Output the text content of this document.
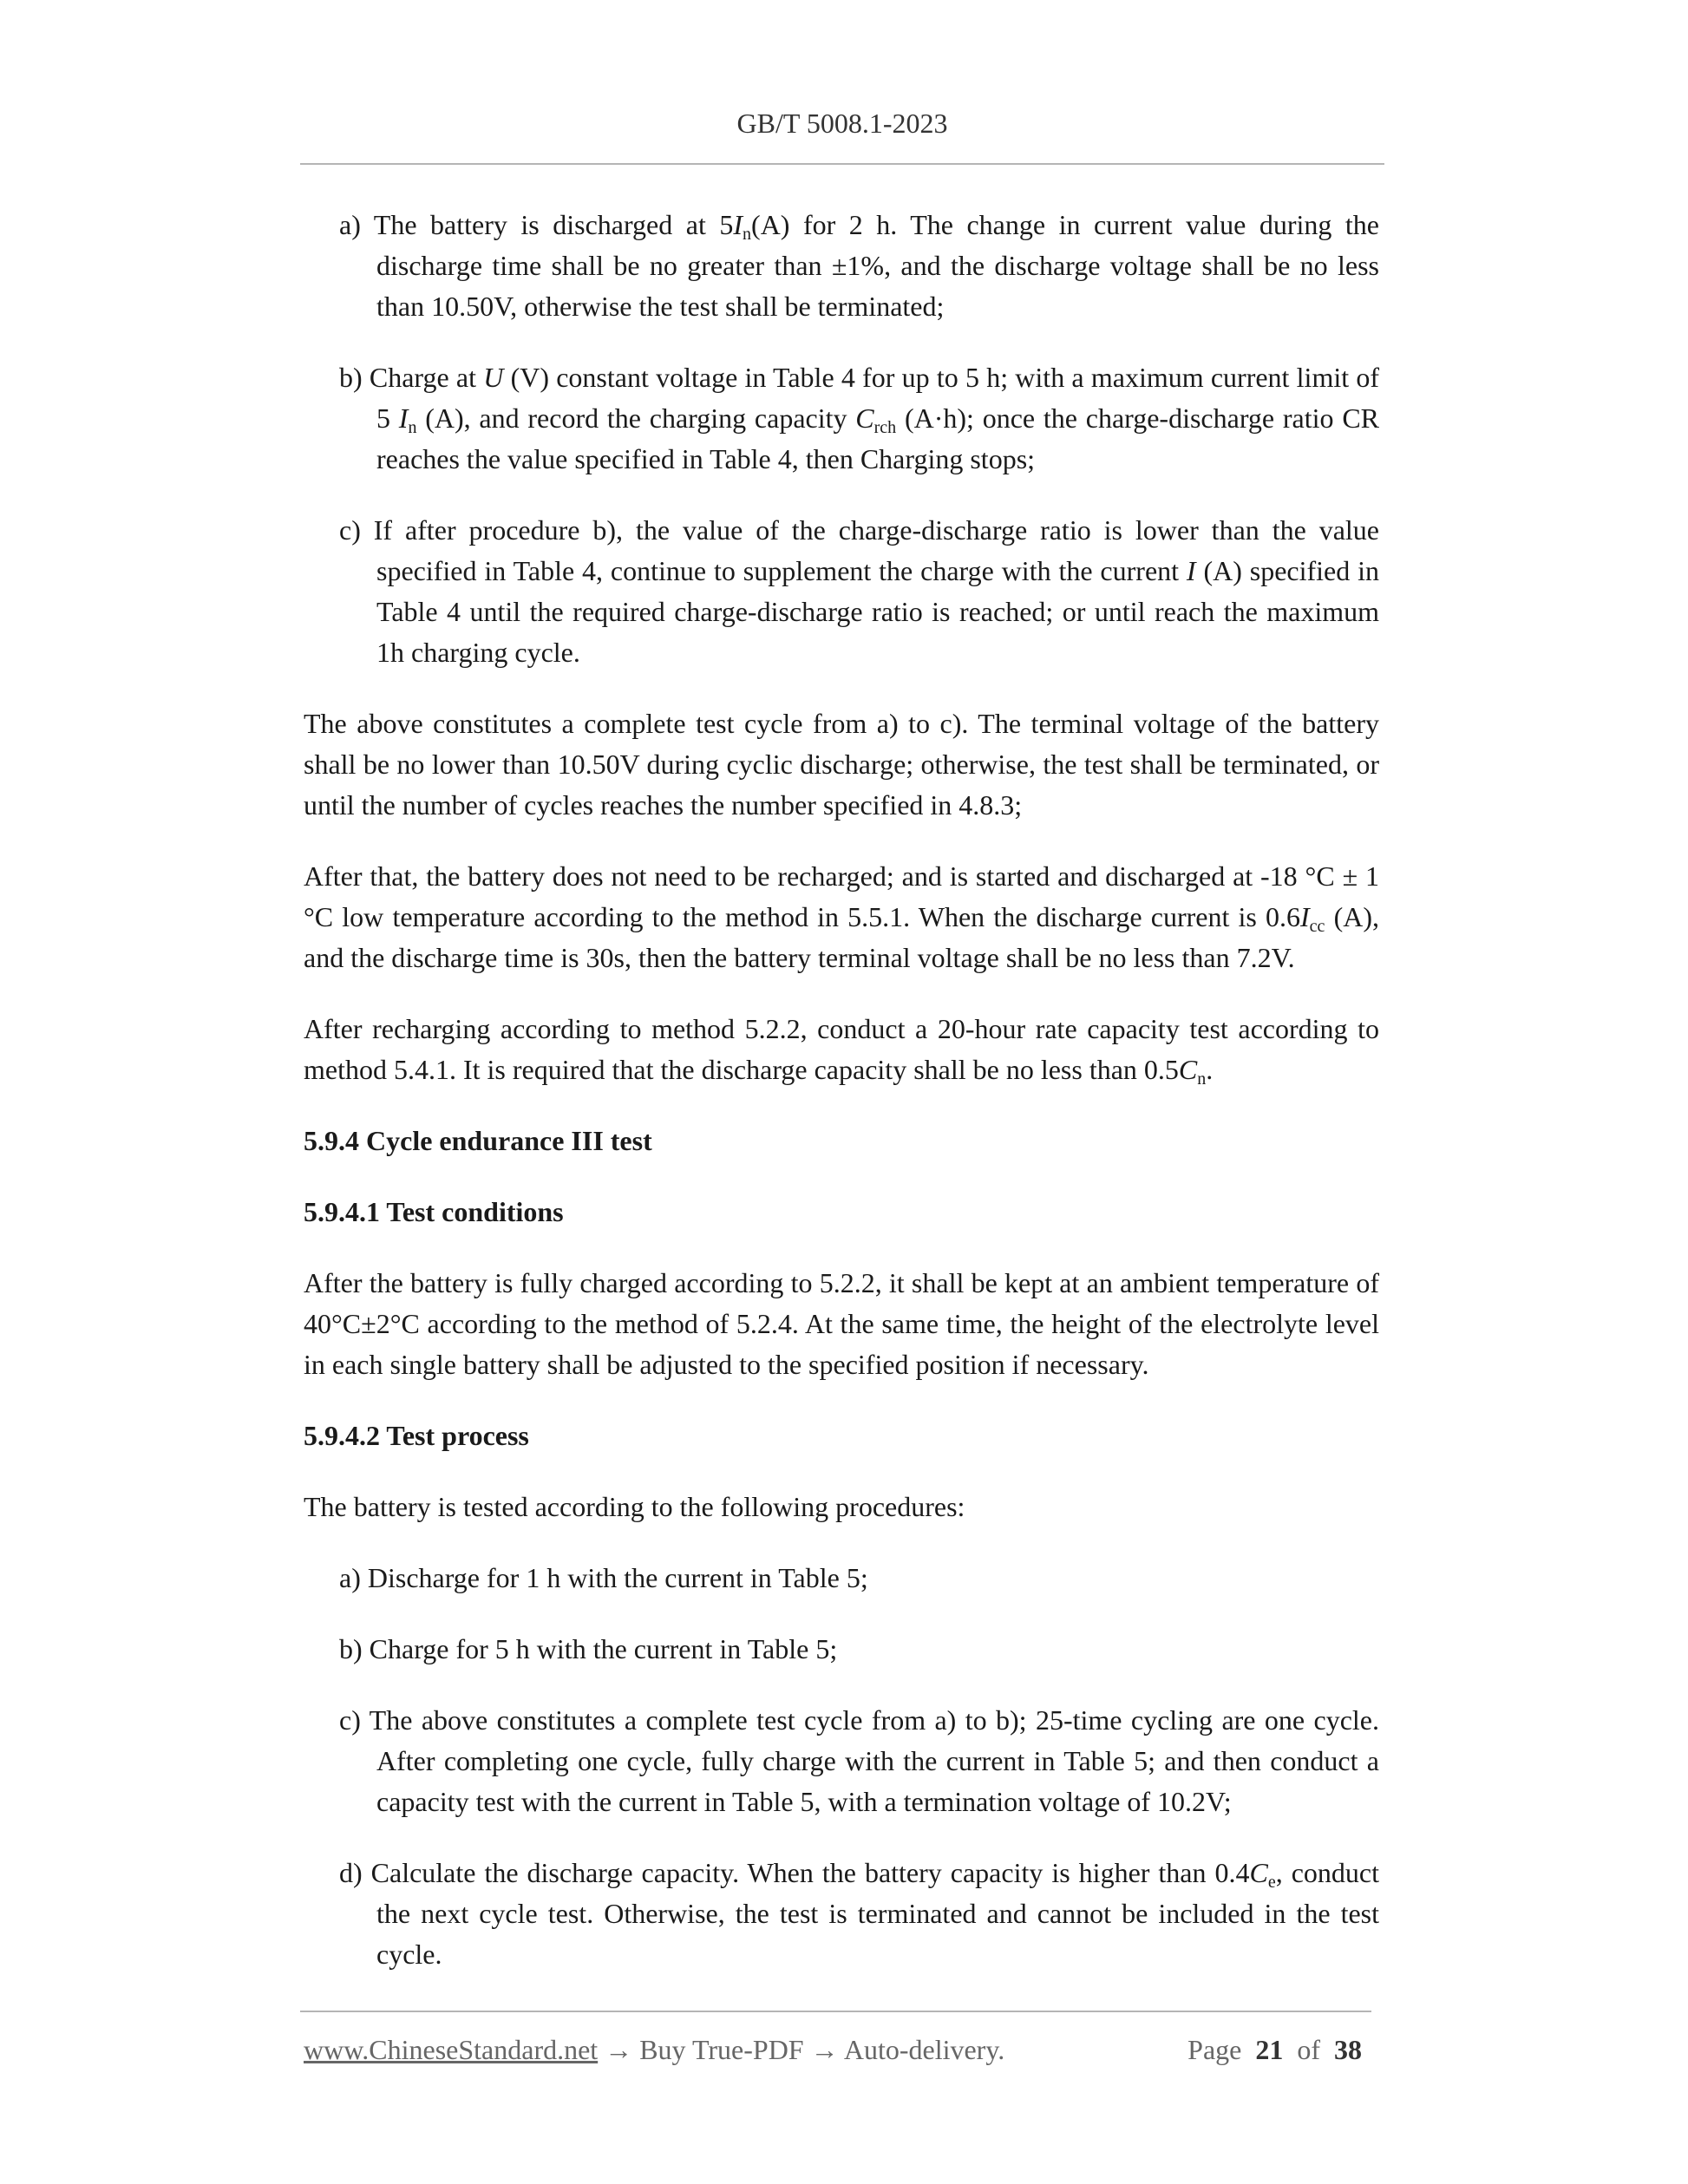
GB/T 5008.1-2023

a) The battery is discharged at $5I_n(A)$ for 2 h. The change in current value during the discharge time shall be no greater than ±1%, and the discharge voltage shall be no less than 10.50V, otherwise the test shall be terminated;

b) Charge at U (V) constant voltage in Table 4 for up to 5 h; with a maximum current limit of 5 $I_n$ (A), and record the charging capacity $C_{rch}$ (A·h); once the charge-discharge ratio CR reaches the value specified in Table 4, then Charging stops;

c) If after procedure b), the value of the charge-discharge ratio is lower than the value specified in Table 4, continue to supplement the charge with the current I (A) specified in Table 4 until the required charge-discharge ratio is reached; or until reach the maximum 1h charging cycle.

The above constitutes a complete test cycle from a) to c). The terminal voltage of the battery shall be no lower than 10.50V during cyclic discharge; otherwise, the test shall be terminated, or until the number of cycles reaches the number specified in 4.8.3;

After that, the battery does not need to be recharged; and is started and discharged at -18 °C ± 1 °C low temperature according to the method in 5.5.1. When the discharge current is $0.6I_{cc}$ (A), and the discharge time is 30s, then the battery terminal voltage shall be no less than 7.2V.

After recharging according to method 5.2.2, conduct a 20-hour rate capacity test according to method 5.4.1. It is required that the discharge capacity shall be no less than $0.5C_n$.

5.9.4 Cycle endurance III test
5.9.4.1 Test conditions

After the battery is fully charged according to 5.2.2, it shall be kept at an ambient temperature of 40°C±2°C according to the method of 5.2.4. At the same time, the height of the electrolyte level in each single battery shall be adjusted to the specified position if necessary.

5.9.4.2 Test process

The battery is tested according to the following procedures:

a) Discharge for 1 h with the current in Table 5;

b) Charge for 5 h with the current in Table 5;

c) The above constitutes a complete test cycle from a) to b); 25-time cycling are one cycle. After completing one cycle, fully charge with the current in Table 5; and then conduct a capacity test with the current in Table 5, with a termination voltage of 10.2V;

d) Calculate the discharge capacity. When the battery capacity is higher than $0.4C_e$, conduct the next cycle test. Otherwise, the test is terminated and cannot be included in the test cycle.

www.ChineseStandard.net → Buy True-PDF → Auto-delivery.	Page 21 of 38
